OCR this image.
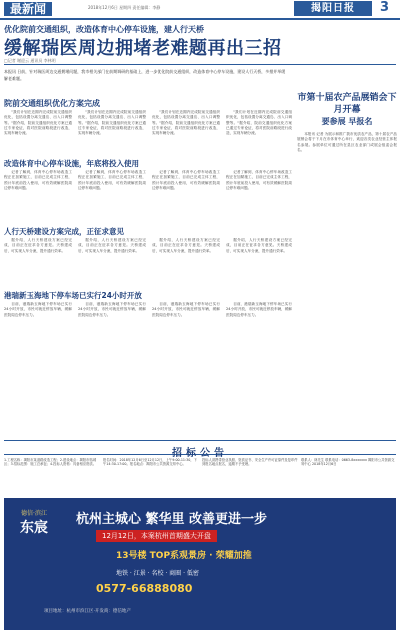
最新闻	2018年12月6日 星期四 责任编辑：李静	揭阳日报	3
优化院前交通组织，改造体育中心停车设施，建人行天桥
缓解瑞医周边拥堵老难题再出三招
□记者 谢迎云 通讯员 李林明
本报讯 日前，针对瑞医周边交通拥堵问题，我市相关部门在前期调研的基础上，进一步优化院前交通组织，改造体育中心停车设施，建设人行天桥，多措并举缓解老难题。
院前交通组织优化方案完成

"我们计划在近期内完成院前交通组织优化，包括设置分离交通岛、出入口调整等。"据介绍，院前交通组织优化方案已通过专家论证，将对医院前路段进行改造，实现车辆分流。

"我们计划在近期内完成院前交通组织优化，包括设置分离交通岛、出入口调整等。"据介绍，院前交通组织优化方案已通过专家论证，将对医院前路段进行改造，实现车辆分流。

"我们计划在近期内完成院前交通组织优化，包括设置分离交通岛、出入口调整等。"据介绍，院前交通组织优化方案已通过专家论证，将对医院前路段进行改造，实现车辆分流。

"我们计划在近期内完成院前交通组织优化，包括设置分离交通岛、出入口调整等。"据介绍，院前交通组织优化方案已通过专家论证，将对医院前路段进行改造，实现车辆分流。

改造体育中心停车设施，年底将投入使用

记者了解到，体育中心停车场改造工程正在加紧施工，目前已完成主体工程，预计年底前投入使用，可有效缓解医院周边停车难问题。

记者了解到，体育中心停车场改造工程正在加紧施工，目前已完成主体工程，预计年底前投入使用，可有效缓解医院周边停车难问题。

记者了解到，体育中心停车场改造工程正在加紧施工，目前已完成主体工程，预计年底前投入使用，可有效缓解医院周边停车难问题。

记者了解到，体育中心停车场改造工程正在加紧施工，目前已完成主体工程，预计年底前投入使用，可有效缓解医院周边停车难问题。

人行天桥建设方案完成，正征求意见

据介绍，人行天桥建设方案已经完成，目前正在征求各方意见。天桥建成后，可实现人车分流，提升通行效率。

据介绍，人行天桥建设方案已经完成，目前正在征求各方意见。天桥建成后，可实现人车分流，提升通行效率。

据介绍，人行天桥建设方案已经完成，目前正在征求各方意见。天桥建成后，可实现人车分流，提升通行效率。

据介绍，人行天桥建设方案已经完成，目前正在征求各方意见。天桥建成后，可实现人车分流，提升通行效率。

港瑞新玉海地下停车场已实行24小时开放

目前，港瑞新玉海地下停车场已实行24小时开放，市民可就近停放车辆，缓解医院周边停车压力。

目前，港瑞新玉海地下停车场已实行24小时开放，市民可就近停放车辆，缓解医院周边停车压力。

目前，港瑞新玉海地下停车场已实行24小时开放，市民可就近停放车辆，缓解医院周边停车压力。

目前，港瑞新玉海地下停车场已实行24小时开放，市民可就近停放车辆，缓解医院周边停车压力。

市第十届农产品展销会下月开幕
要参展 早报名

本报讯 记者 为展示和推广我市优质农产品，第十届农产品展销会将于下月在市体育中心举行，欢迎各类农业经营主体报名参展。参展单位可通过所在县区农业部门或展会组委会报名。

招标公告
1.工程名称：揭阳市某道路改造工程；2.建设地点：揭阳市榕城区；3.招标范围：施工总承包；4.投标人资格：具备相应资质。
报名时间：2018年12月6日至12月12日，上午9:00-11:30，下午14:30-17:00。报名地点：揭阳市公共资源交易中心。
投标人须携带营业执照、资质证书、安全生产许可证原件及复印件到报名地点报名，逾期不予受理。
联系人：林先生 联系电话：0663-8xxxxxxx 揭阳市公共资源交易中心 2018年12月6日
德信·滨江
东宸
杭州主城心 繁华里 改善更进一步
12月12日，本案杭州首期盛大开盘
13号楼 TOP系观景房 · 荣耀加推
地铁 · 江景 · 名校 · 商圈 · 低密
0577-66888080
项目地址：杭州市滨江区·开发商：德信地产
